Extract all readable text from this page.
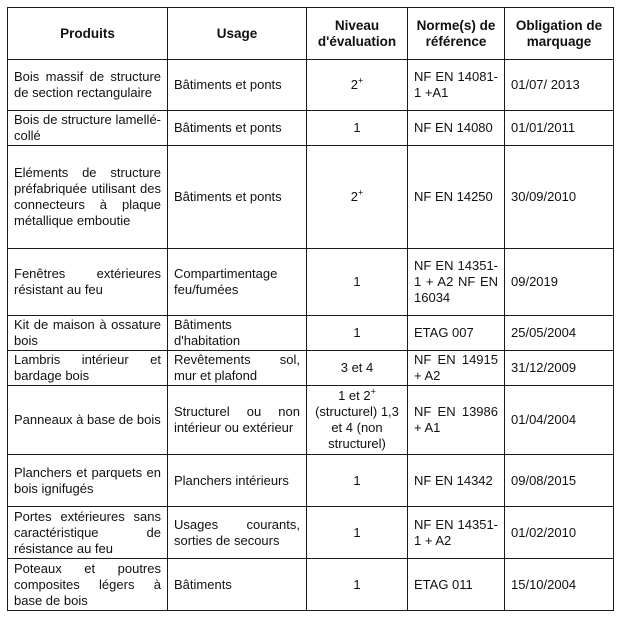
Produits	Usage	Niveau d'évaluation	Norme(s) de référence	Obligation de marquage
Bois massif de structure de section rectangulaire	Bâtiments et ponts	2+	NF EN 14081-1 +A1	01/07/ 2013
Bois de structure lamellé-collé	Bâtiments et ponts	1	NF EN 14080	01/01/2011
Eléments de structure préfabriquée utilisant des connecteurs à plaque métallique emboutie	Bâtiments et ponts	2+	NF EN 14250	30/09/2010
Fenêtres extérieures résistant au feu	Compartimentage feu/fumées	1	NF EN 14351-1 + A2 NF EN 16034	09/2019
Kit de maison à ossature bois	Bâtiments d'habitation	1	ETAG 007	25/05/2004
Lambris intérieur et bardage bois	Revêtements sol, mur et plafond	3 et 4	NF EN 14915 + A2	31/12/2009
Panneaux à base de bois	Structurel ou non intérieur ou extérieur	1 et 2+ (structurel) 1,3 et 4 (non structurel)	NF EN 13986 + A1	01/04/2004
Planchers et parquets en bois ignifugés	Planchers intérieurs	1	NF EN 14342	09/08/2015
Portes extérieures sans caractéristique de résistance au feu	Usages courants, sorties de secours	1	NF EN 14351-1 + A2	01/02/2010
Poteaux et poutres composites légers à base de bois	Bâtiments	1	ETAG 011	15/10/2004
